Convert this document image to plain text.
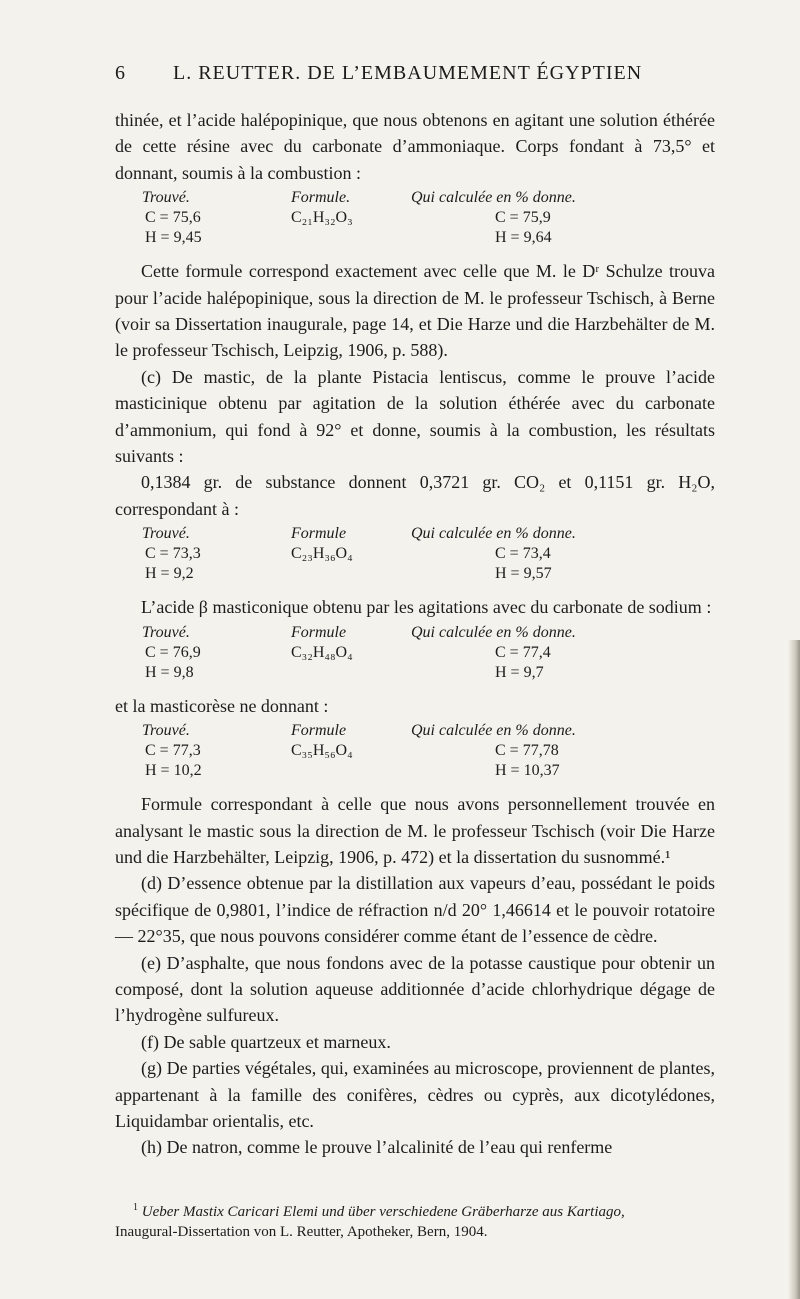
6 L. REUTTER. DE L’EMBAUMEMENT ÉGYPTIEN

thinée, et l’acide halépopinique, que nous obtenons en agitant une solution éthérée de cette résine avec du carbonate d’ammoniaque. Corps fondant à 73,5° et donnant, soumis à la combustion :

Trouvé.
C = 75,6
H = 9,45
Formule.
C₂₁H₃₂O₃
Qui calculée en % donne.
C = 75,9
H = 9,64

Cette formule correspond exactement avec celle que M. le Dʳ Schulze trouva pour l’acide halépopinique, sous la direction de M. le professeur Tschisch, à Berne (voir sa Dissertation inaugurale, page 14, et Die Harze und die Harzbehälter de M. le professeur Tschisch, Leipzig, 1906, p. 588).

(c) De mastic, de la plante Pistacia lentiscus, comme le prouve l’acide masticinique obtenu par agitation de la solution éthérée avec du carbonate d’ammonium, qui fond à 92° et donne, soumis à la combustion, les résultats suivants :

0,1384 gr. de substance donnent 0,3721 gr. CO₂ et 0,1151 gr. H₂O, correspondant à :

Trouvé.
C = 73,3
H = 9,2
Formule
C₂₃H₃₆O₄
Qui calculée en % donne.
C = 73,4
H = 9,57

L’acide β masticonique obtenu par les agitations avec du carbonate de sodium :

Trouvé.
C = 76,9
H = 9,8
Formule
C₃₂H₄₈O₄
Qui calculée en % donne.
C = 77,4
H = 9,7

et la masticorèse ne donnant :

Trouvé.
C = 77,3
H = 10,2
Formule
C₃₅H₅₆O₄
Qui calculée en % donne.
C = 77,78
H = 10,37

Formule correspondant à celle que nous avons personnellement trouvée en analysant le mastic sous la direction de M. le professeur Tschisch (voir Die Harze und die Harzbehälter, Leipzig, 1906, p. 472) et la dissertation du susnommé.¹

(d) D’essence obtenue par la distillation aux vapeurs d’eau, possédant le poids spécifique de 0,9801, l’indice de réfraction n/d 20° 1,46614 et le pouvoir rotatoire — 22°35, que nous pouvons considérer comme étant de l’essence de cèdre.

(e) D’asphalte, que nous fondons avec de la potasse caustique pour obtenir un composé, dont la solution aqueuse additionnée d’acide chlorhydrique dégage de l’hydrogène sulfureux.

(f) De sable quartzeux et marneux.

(g) De parties végétales, qui, examinées au microscope, proviennent de plantes, appartenant à la famille des conifères, cèdres ou cyprès, aux dicotylédones, Liquidambar orientalis, etc.

(h) De natron, comme le prouve l’alcalinité de l’eau qui renferme

$^1$ Ueber Mastix Caricari Elemi und über verschiedene Gräberharze aus Kartiago,
Inaugural-Dissertation von L. Reutter, Apotheker, Bern, 1904.
